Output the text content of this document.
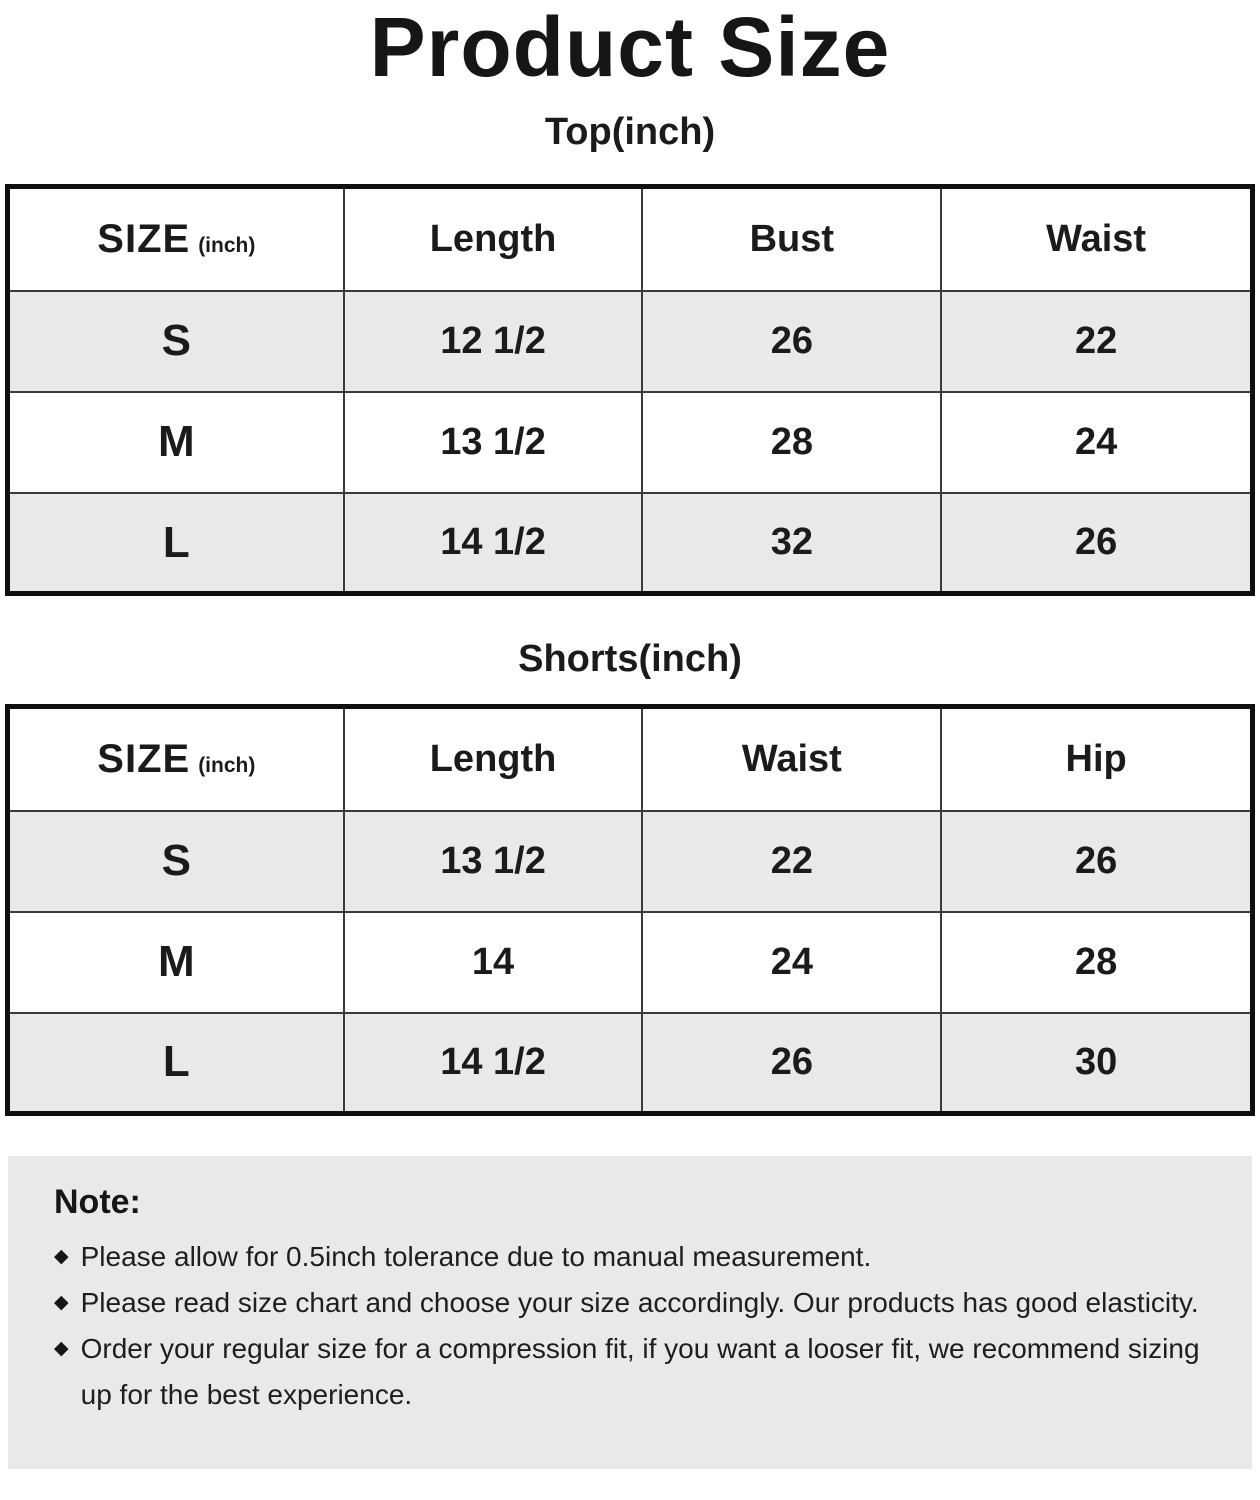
Product Size
Top(inch)
SIZE (inch)	Length	Bust	Waist
S	12 1/2	26	22
M	13 1/2	28	24
L	14 1/2	32	26
Shorts(inch)
SIZE (inch)	Length	Waist	Hip
S	13 1/2	22	26
M	14	24	28
L	14 1/2	26	30
Note:
◆ Please allow for 0.5inch tolerance due to manual measurement.

◆ Please read size chart and choose your size accordingly. Our products has good elasticity.

◆ Order your regular size for a compression fit, if you want a looser fit, we recommend sizing up for the best experience.
